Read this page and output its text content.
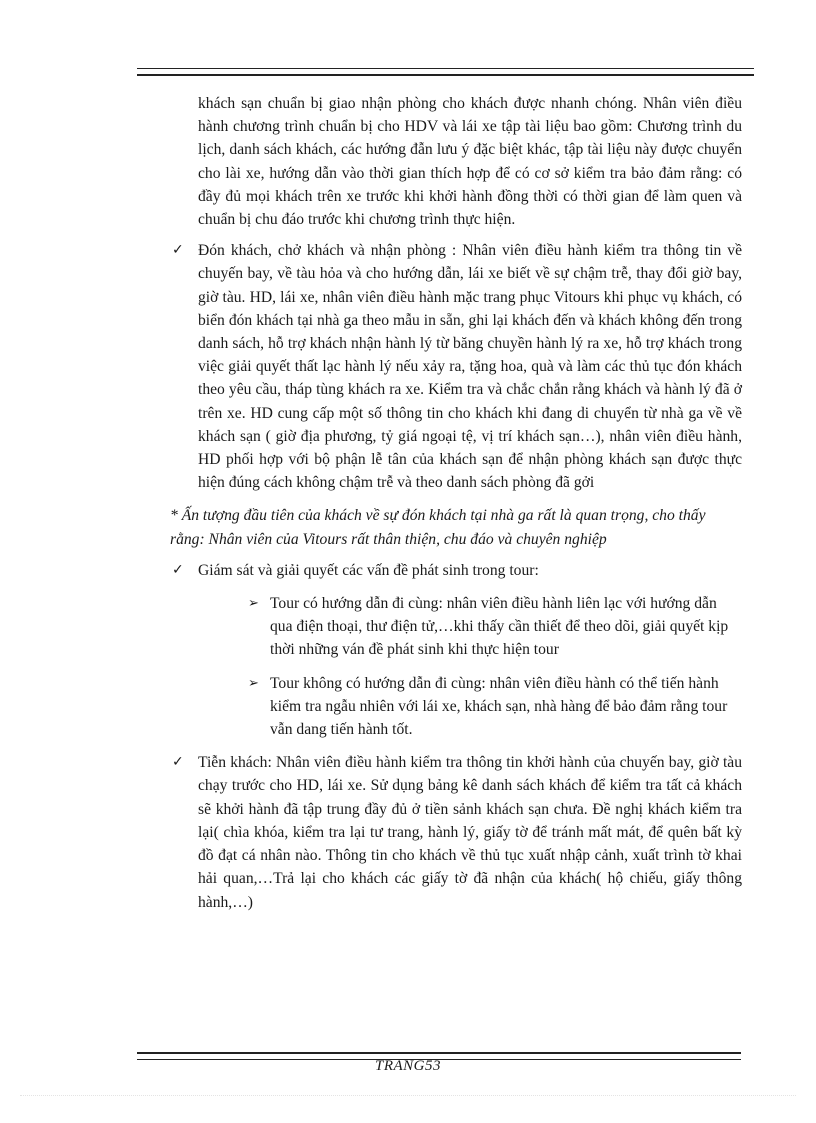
khách sạn chuẩn bị giao nhận phòng cho khách được nhanh chóng. Nhân viên điều hành chương trình chuẩn bị cho HDV và lái xe tập tài liệu bao gồm: Chương trình du lịch, danh sách khách, các hướng đẫn lưu ý đặc biệt khác, tập tài liệu này được chuyển cho lài xe, hướng dẫn vào thời gian thích hợp để có cơ sở kiểm tra bảo đảm rằng: có đầy đủ mọi khách trên xe trước khi khởi hành đồng thời có thời gian để làm quen và chuẩn bị chu đáo trước khi chương trình thực hiện.

✓ Đón khách, chở khách và nhận phòng : Nhân viên điều hành kiểm tra thông tin về chuyến bay, về tàu hỏa và cho hướng dẫn, lái xe biết về sự chậm trễ, thay đổi giờ bay, giờ tàu. HD, lái xe, nhân viên điều hành mặc trang phục Vitours khi phục vụ khách, có biển đón khách tại nhà ga theo mẫu in sẵn, ghi lại khách đến và khách không đến trong danh sách, hỗ trợ khách nhận hành lý từ băng chuyền hành lý ra xe, hỗ trợ khách trong việc giải quyết thất lạc hành lý nếu xảy ra, tặng hoa, quà và làm các thủ tục đón khách theo yêu cầu, tháp tùng khách ra xe. Kiểm tra và chắc chắn rằng khách và hành lý đã ở trên xe. HD cung cấp một số thông tin cho khách khi đang di chuyển từ nhà ga về về khách sạn ( giờ địa phương, tỷ giá ngoại tệ, vị trí khách sạn…), nhân viên điều hành, HD phối hợp với bộ phận lễ tân của khách sạn để nhận phòng khách sạn được thực hiện đúng cách không chậm trễ và theo danh sách phòng đã gởi

* Ấn tượng đầu tiên của khách về sự đón khách tại nhà ga rất là quan trọng, cho thấy rằng: Nhân viên của Vitours rất thân thiện, chu đáo và chuyên nghiệp

✓ Giám sát và giải quyết các vấn đề phát sinh trong tour:

➢ Tour có hướng dẫn đi cùng: nhân viên điều hành liên lạc với hướng dẫn qua điện thoại, thư điện tử,…khi thấy cần thiết để theo dõi, giải quyết kịp thời những ván đề phát sinh khi thực hiện tour

➢ Tour không có hướng dẫn đi cùng: nhân viên điều hành có thể tiến hành kiểm tra ngẫu nhiên với lái xe, khách sạn, nhà hàng để bảo đảm rằng tour vẫn dang tiến hành tốt.

✓ Tiễn khách: Nhân viên điều hành kiểm tra thông tin khởi hành của chuyến bay, giờ tàu chạy trước cho HD, lái xe. Sử dụng bảng kê danh sách khách để kiểm tra tất cả khách sẽ khởi hành đã tập trung đầy đủ ở tiền sảnh khách sạn chưa. Đề nghị khách kiểm tra lại( chìa khóa, kiểm tra lại tư trang, hành lý, giấy tờ để tránh mất mát, để quên bất kỳ đồ đạt cá nhân nào. Thông tin cho khách về thủ tục xuất nhập cảnh, xuất trình tờ khai hải quan,…Trả lại cho khách các giấy tờ đã nhận của khách( hộ chiếu, giấy thông hành,…)

TRANG53
